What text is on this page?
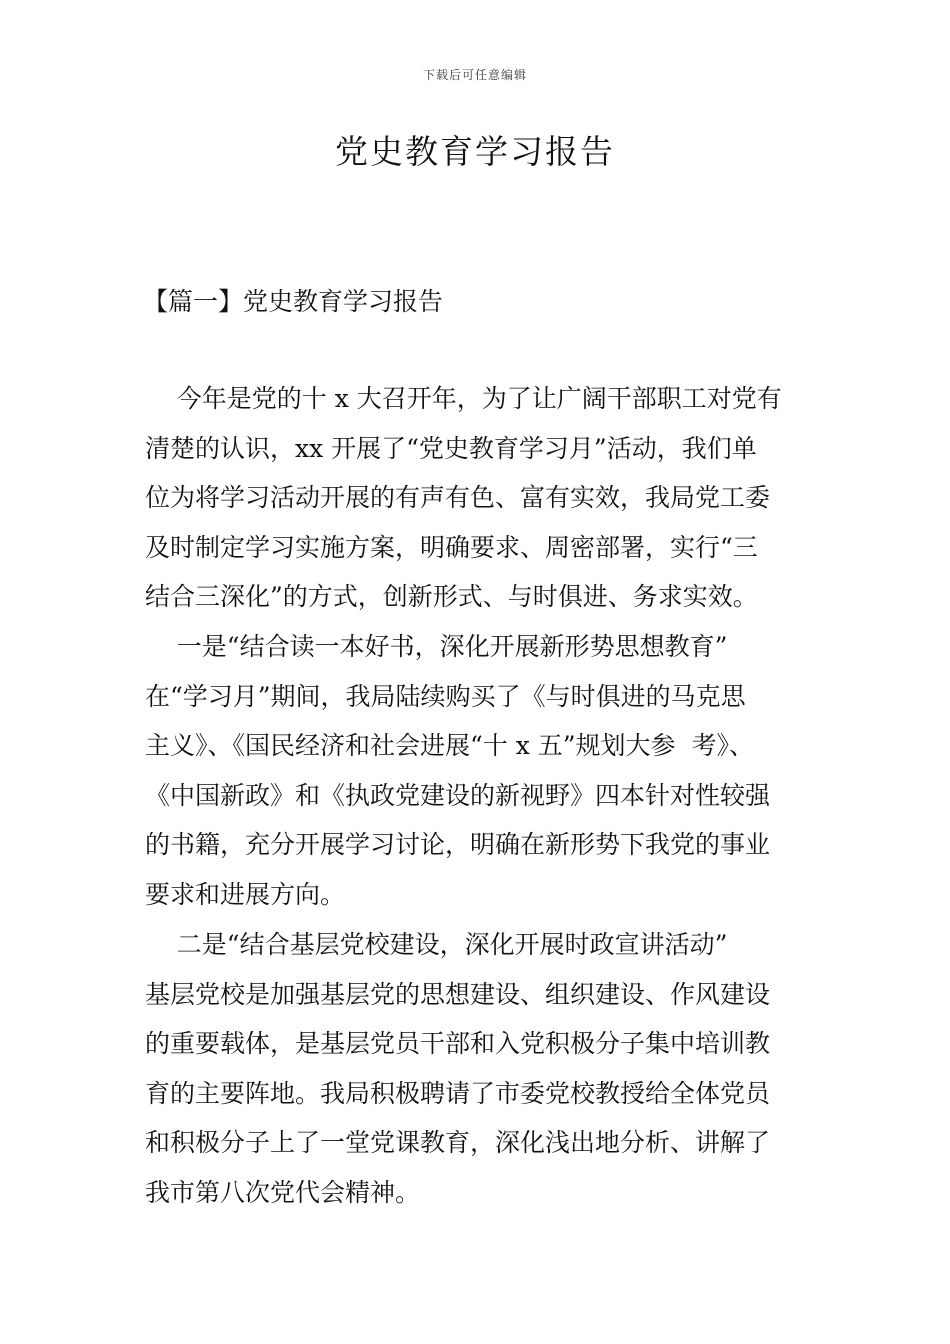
下载后可任意编辑
党史教育学习报告
【篇一】党史教育学习报告
今年是党的十 x 大召开年，为了让广阔干部职工对党有
清楚的认识，xx 开展了“党史教育学习月”活动，我们单
位为将学习活动开展的有声有色、富有实效，我局党工委
及时制定学习实施方案，明确要求、周密部署，实行“三
结合三深化”的方式，创新形式、与时俱进、务求实效。
一是“结合读一本好书，深化开展新形势思想教育”
在“学习月”期间，我局陆续购买了《与时俱进的马克思
主义》、《国民经济和社会进展“十 x 五”规划大参  考》、
《中国新政》和《执政党建设的新视野》四本针对性较强
的书籍，充分开展学习讨论，明确在新形势下我党的事业
要求和进展方向。
二是“结合基层党校建设，深化开展时政宣讲活动”
基层党校是加强基层党的思想建设、组织建设、作风建设
的重要载体，是基层党员干部和入党积极分子集中培训教
育的主要阵地。我局积极聘请了市委党校教授给全体党员
和积极分子上了一堂党课教育，深化浅出地分析、讲解了
我市第八次党代会精神。
